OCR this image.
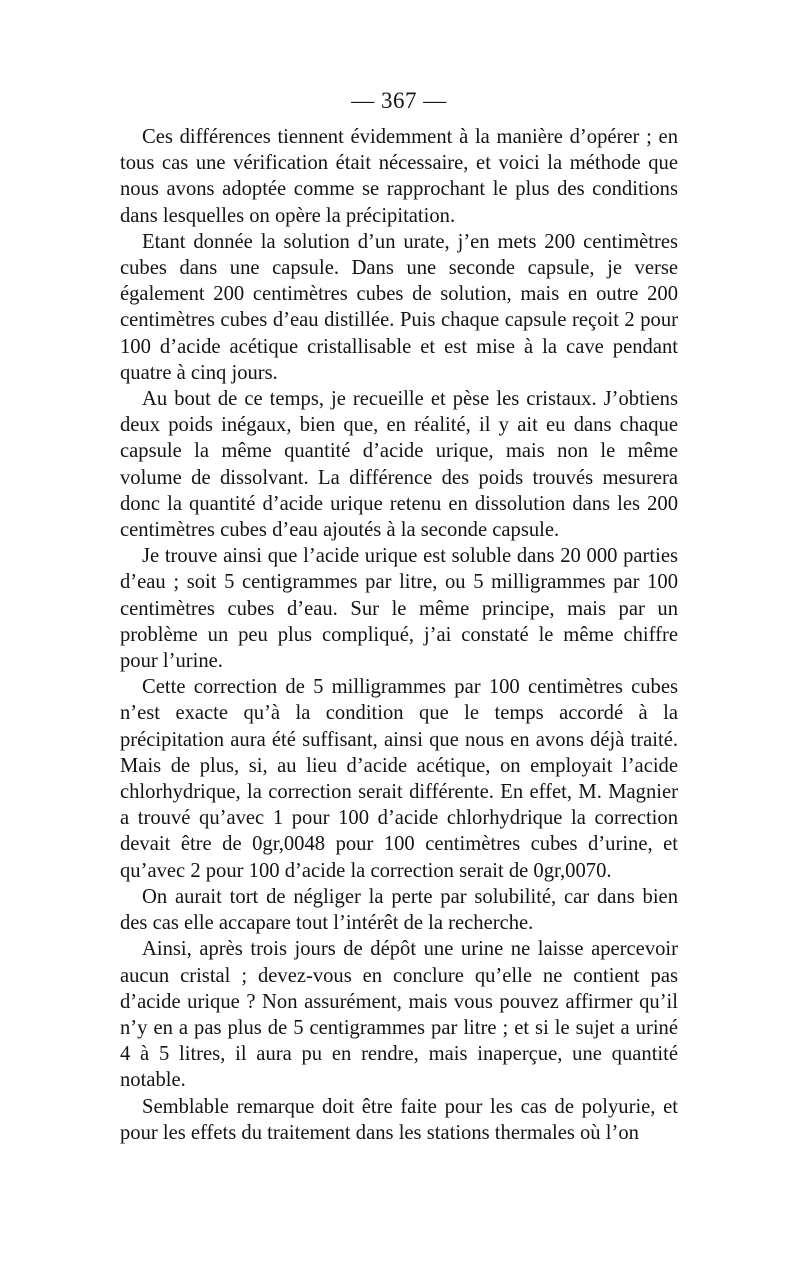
— 367 —

Ces différences tiennent évidemment à la manière d’opérer ; en tous cas une vérification était nécessaire, et voici la méthode que nous avons adoptée comme se rapprochant le plus des conditions dans lesquelles on opère la précipitation.

Etant donnée la solution d’un urate, j’en mets 200 centimètres cubes dans une capsule. Dans une seconde capsule, je verse également 200 centimètres cubes de solution, mais en outre 200 centimètres cubes d’eau distillée. Puis chaque capsule reçoit 2 pour 100 d’acide acétique cristallisable et est mise à la cave pendant quatre à cinq jours.

Au bout de ce temps, je recueille et pèse les cristaux. J’obtiens deux poids inégaux, bien que, en réalité, il y ait eu dans chaque capsule la même quantité d’acide urique, mais non le même volume de dissolvant. La différence des poids trouvés mesurera donc la quantité d’acide urique retenu en dissolution dans les 200 centimètres cubes d’eau ajoutés à la seconde capsule.

Je trouve ainsi que l’acide urique est soluble dans 20 000 parties d’eau ; soit 5 centigrammes par litre, ou 5 milligrammes par 100 centimètres cubes d’eau. Sur le même principe, mais par un problème un peu plus compliqué, j’ai constaté le même chiffre pour l’urine.

Cette correction de 5 milligrammes par 100 centimètres cubes n’est exacte qu’à la condition que le temps accordé à la précipitation aura été suffisant, ainsi que nous en avons déjà traité. Mais de plus, si, au lieu d’acide acétique, on employait l’acide chlorhydrique, la correction serait différente. En effet, M. Magnier a trouvé qu’avec 1 pour 100 d’acide chlorhydrique la correction devait être de 0gr,0048 pour 100 centimètres cubes d’urine, et qu’avec 2 pour 100 d’acide la correction serait de 0gr,0070.

On aurait tort de négliger la perte par solubilité, car dans bien des cas elle accapare tout l’intérêt de la recherche.

Ainsi, après trois jours de dépôt une urine ne laisse apercevoir aucun cristal ; devez-vous en conclure qu’elle ne contient pas d’acide urique ? Non assurément, mais vous pouvez affirmer qu’il n’y en a pas plus de 5 centigrammes par litre ; et si le sujet a uriné 4 à 5 litres, il aura pu en rendre, mais inaperçue, une quantité notable.

Semblable remarque doit être faite pour les cas de polyurie, et pour les effets du traitement dans les stations thermales où l’on
